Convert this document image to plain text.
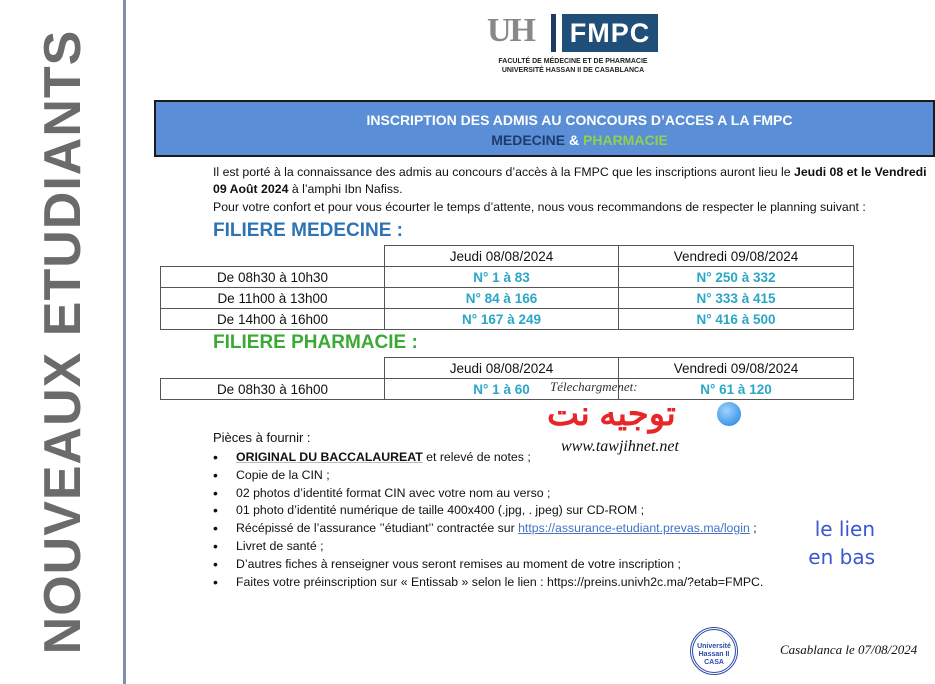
NOUVEAUX ETUDIANTS	UH	FMPC
FACULTÉ DE MÉDECINE ET DE PHARMACIE
UNIVERSITÉ HASSAN II DE CASABLANCA
INSCRIPTION DES ADMIS AU CONCOURS D’ACCES A LA FMPC
MEDECINE & PHARMACIE

Il est porté à la connaissance des admis au concours d’accès à la FMPC que les inscriptions auront lieu le Jeudi 08 et le Vendredi 09 Août 2024 à l’amphi Ibn Nafiss.

Pour votre confort et pour vous écourter le temps d’attente, nous vous recommandons de respecter le planning suivant :

FILIERE MEDECINE :
	Jeudi 08/08/2024	Vendredi 09/08/2024
De 08h30 à 10h30	N° 1 à 83	N° 250 à 332
De 11h00 à 13h00	N° 84 à 166	N° 333 à 415
De 14h00 à 16h00	N° 167 à 249	N° 416 à 500
FILIERE PHARMACIE :
	Jeudi 08/08/2024	Vendredi 09/08/2024
De 08h30 à 16h00	N° 1 à 60	N° 61 à 120
Télechargmenet:
توجيه نت
www.tawjihnet.net
Pièces à fournir :
• ORIGINAL DU BACCALAUREAT et relevé de notes ;
• Copie de la CIN ;
• 02 photos d’identité format CIN avec votre nom au verso ;
• 01 photo d’identité numérique de taille 400x400 (.jpg, . jpeg) sur CD-ROM ;
• Récépissé de l’assurance ’’étudiant’’ contractée sur https://assurance-etudiant.prevas.ma/login ;
• Livret de santé ;
• D’autres fiches à renseigner vous seront remises au moment de votre inscription ;
• Faites votre préinscription sur « Entissab » selon le lien : https://preins.univh2c.ma/?etab=FMPC.
le lien
en bas
Université Hassan II CASA
Casablanca le 07/08/2024
